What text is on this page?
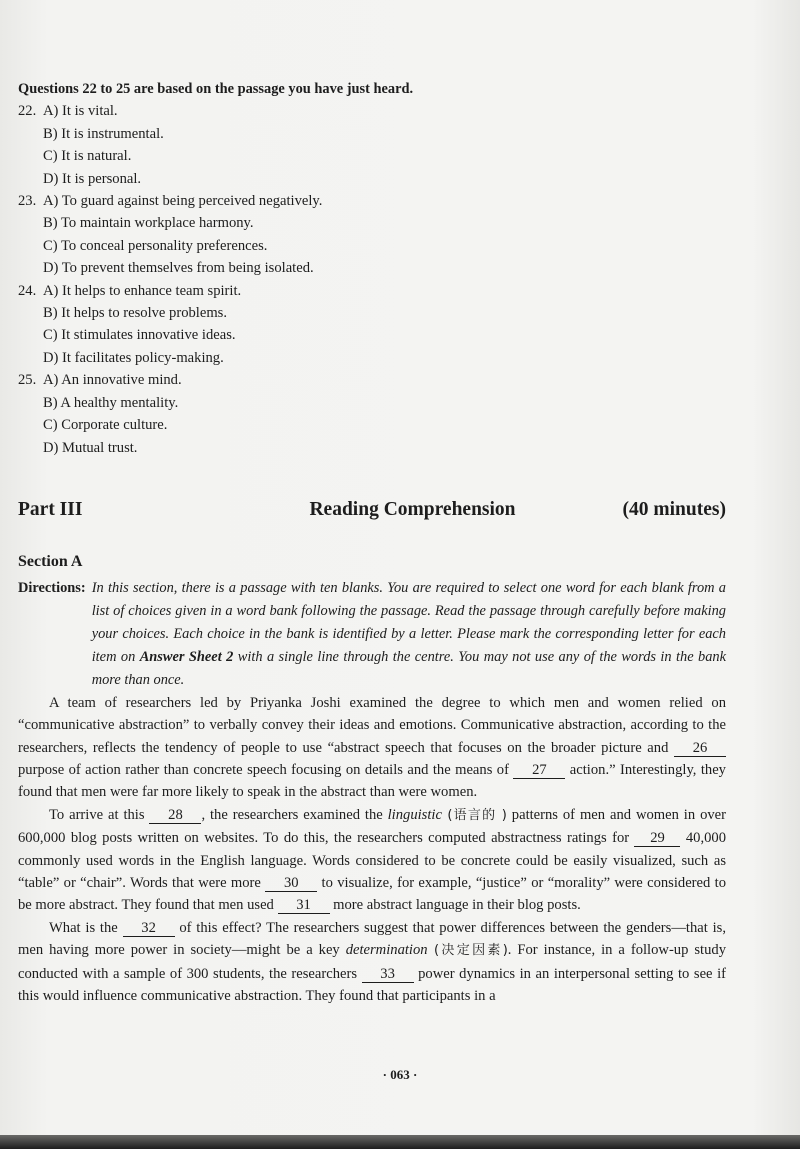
Questions 22 to 25 are based on the passage you have just heard.
22. A) It is vital.
B) It is instrumental.
C) It is natural.
D) It is personal.
23. A) To guard against being perceived negatively.
B) To maintain workplace harmony.
C) To conceal personality preferences.
D) To prevent themselves from being isolated.
24. A) It helps to enhance team spirit.
B) It helps to resolve problems.
C) It stimulates innovative ideas.
D) It facilitates policy-making.
25. A) An innovative mind.
B) A healthy mentality.
C) Corporate culture.
D) Mutual trust.
Part III	Reading Comprehension	(40 minutes)
Section A
Directions: In this section, there is a passage with ten blanks. You are required to select one word for each blank from a list of choices given in a word bank following the passage. Read the passage through carefully before making your choices. Each choice in the bank is identified by a letter. Please mark the corresponding letter for each item on Answer Sheet 2 with a single line through the centre. You may not use any of the words in the bank more than once.

A team of researchers led by Priyanka Joshi examined the degree to which men and women relied on “communicative abstraction” to verbally convey their ideas and emotions. Communicative abstraction, according to the researchers, reflects the tendency of people to use “abstract speech that focuses on the broader picture and 26 purpose of action rather than concrete speech focusing on details and the means of 27 action.” Interestingly, they found that men were far more likely to speak in the abstract than were women.

To arrive at this 28 , the researchers examined the linguistic (语言的 ) patterns of men and women in over 600,000 blog posts written on websites. To do this, the researchers computed abstractness ratings for 29 40,000 commonly used words in the English language. Words considered to be concrete could be easily visualized, such as “table” or “chair”. Words that were more 30 to visualize, for example, “justice” or “morality” were considered to be more abstract. They found that men used 31 more abstract language in their blog posts.

What is the 32 of this effect? The researchers suggest that power differences between the genders—that is, men having more power in society—might be a key determination (决定因素). For instance, in a follow-up study conducted with a sample of 300 students, the researchers 33 power dynamics in an interpersonal setting to see if this would influence communicative abstraction. They found that participants in a

· 063 ·
